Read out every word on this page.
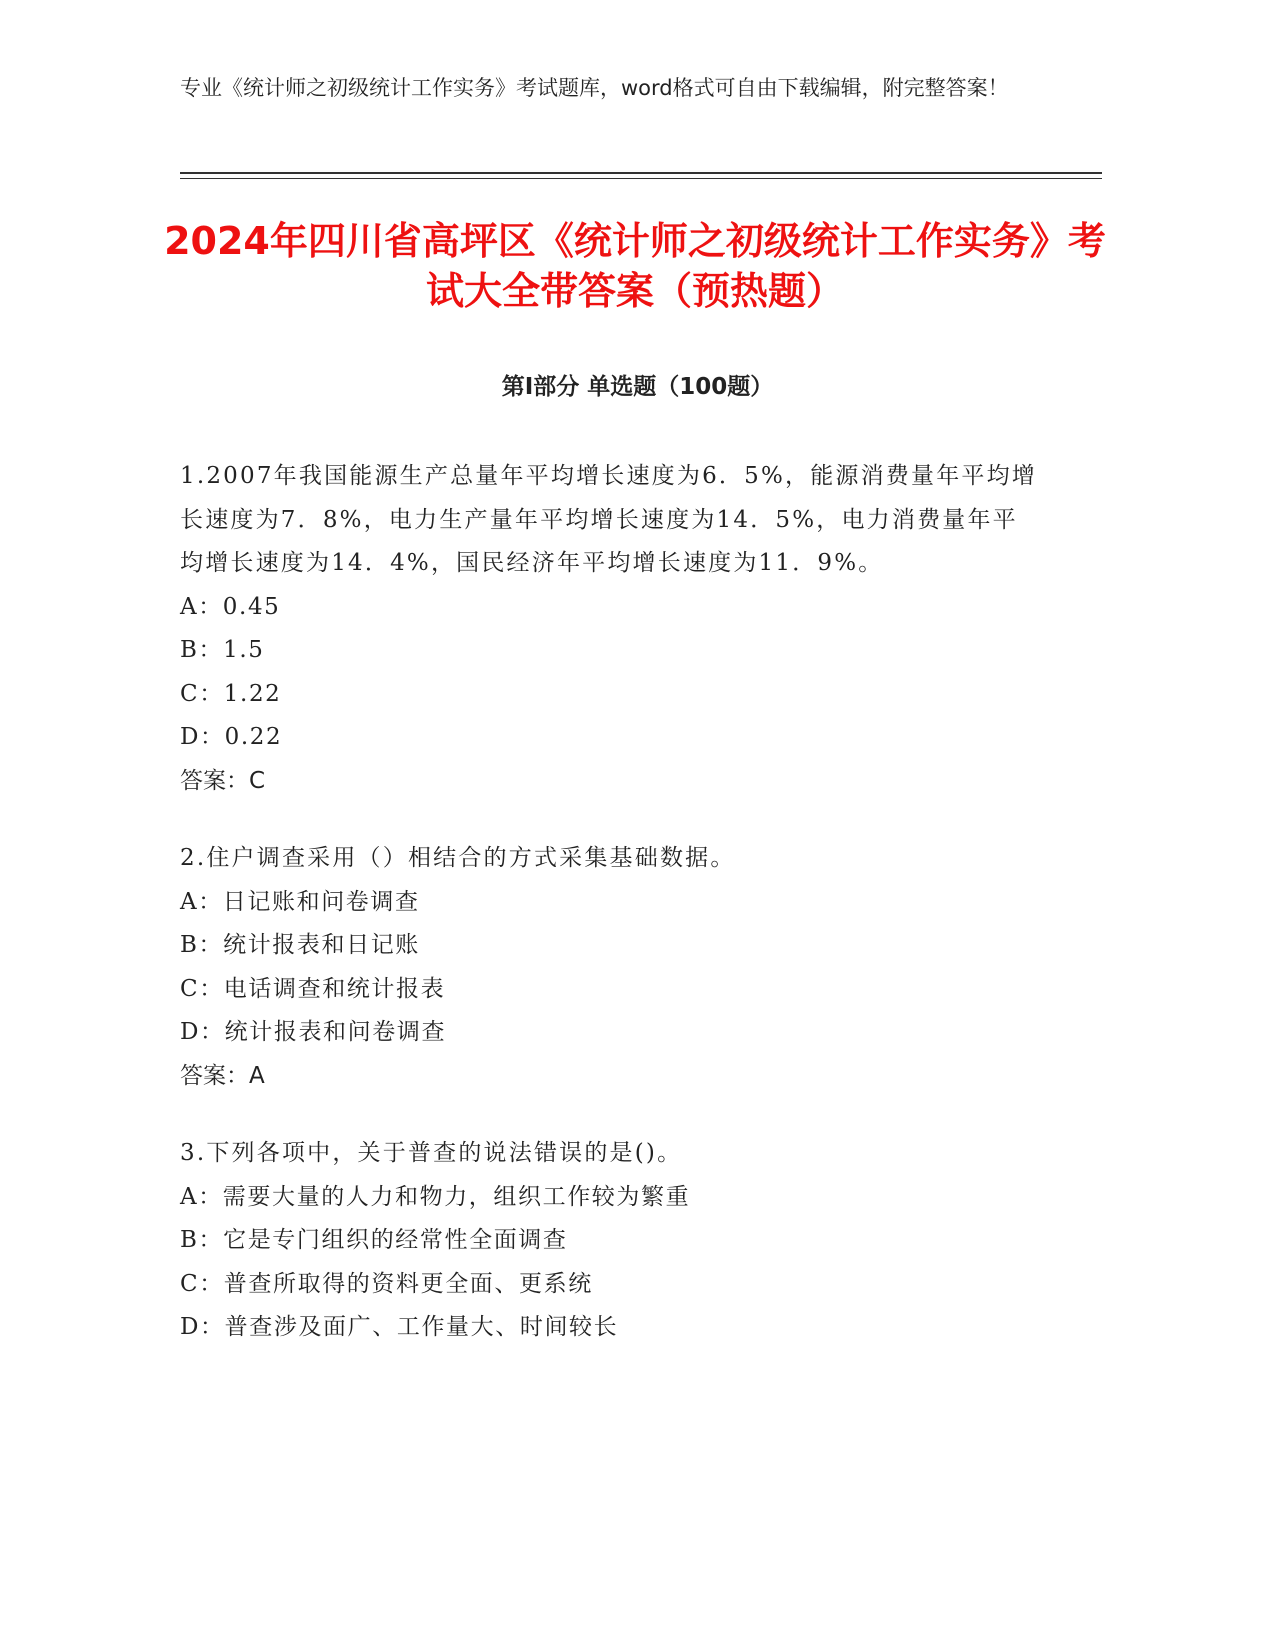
专业《统计师之初级统计工作实务》考试题库，word格式可自由下载编辑，附完整答案！
2024年四川省高坪区《统计师之初级统计工作实务》考试大全带答案（预热题）
第Ⅰ部分 单选题（100题）
1.2007年我国能源生产总量年平均增长速度为6．5%，能源消费量年平均增长速度为7．8%，电力生产量年平均增长速度为14．5%，电力消费量年平均增长速度为14．4%，国民经济年平均增长速度为11．9%。
A：0.45
B：1.5
C：1.22
D：0.22
答案：C
2.住户调查采用（）相结合的方式采集基础数据。
A：日记账和问卷调查
B：统计报表和日记账
C：电话调查和统计报表
D：统计报表和问卷调查
答案：A
3.下列各项中，关于普查的说法错误的是()。
A：需要大量的人力和物力，组织工作较为繁重
B：它是专门组织的经常性全面调查
C：普查所取得的资料更全面、更系统
D：普查涉及面广、工作量大、时间较长
